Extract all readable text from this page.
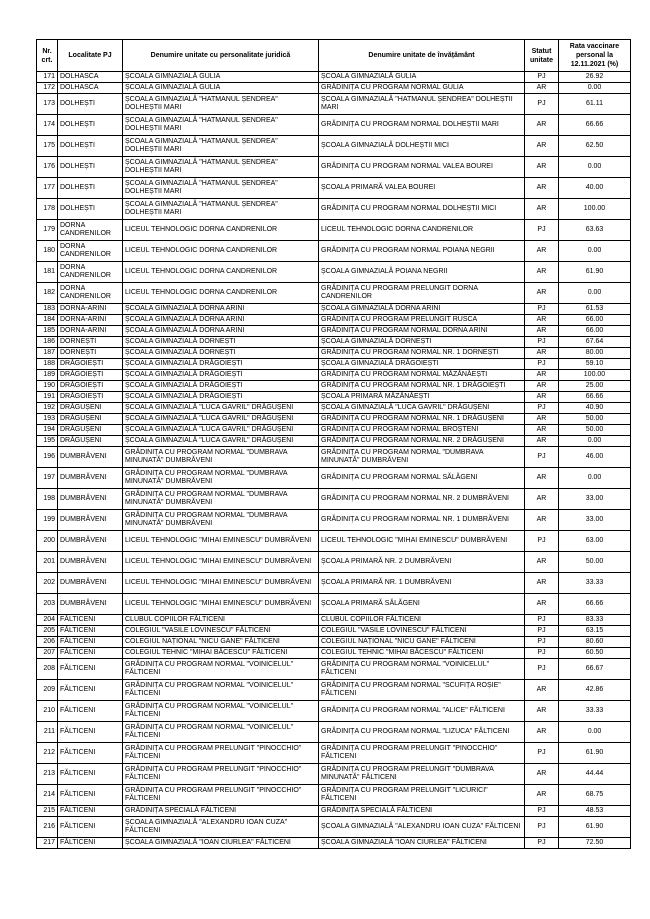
Nr. crt.	Localitate PJ	Denumire unitate cu personalitate juridică	Denumire unitate de învățământ	Statut unitate	Rata vaccinare personal la 12.11.2021 (%)
171	DOLHASCA	ȘCOALA GIMNAZIALĂ GULIA	ȘCOALA GIMNAZIALĂ GULIA	PJ	26.92
172	DOLHASCA	ȘCOALA GIMNAZIALĂ GULIA	GRĂDINIȚA CU PROGRAM NORMAL GULIA	AR	0.00
173	DOLHEȘTI	ȘCOALA GIMNAZIALĂ "HATMANUL ȘENDREA" DOLHEȘTII MARI	ȘCOALA GIMNAZIALĂ "HATMANUL ȘENDREA" DOLHEȘTII MARI	PJ	61.11
174	DOLHEȘTI	ȘCOALA GIMNAZIALĂ "HATMANUL ȘENDREA" DOLHEȘTII MARI	GRĂDINIȚA CU PROGRAM NORMAL DOLHEȘTII MARI	AR	66.66
175	DOLHEȘTI	ȘCOALA GIMNAZIALĂ "HATMANUL ȘENDREA" DOLHEȘTII MARI	ȘCOALA GIMNAZIALĂ DOLHEȘTII MICI	AR	62.50
176	DOLHEȘTI	ȘCOALA GIMNAZIALĂ "HATMANUL ȘENDREA" DOLHEȘTII MARI	GRĂDINIȚA CU PROGRAM NORMAL VALEA BOUREI	AR	0.00
177	DOLHEȘTI	ȘCOALA GIMNAZIALĂ "HATMANUL ȘENDREA" DOLHEȘTII MARI	ȘCOALA PRIMARĂ VALEA BOUREI	AR	40.00
178	DOLHEȘTI	ȘCOALA GIMNAZIALĂ "HATMANUL ȘENDREA" DOLHEȘTII MARI	GRĂDINIȚA CU PROGRAM NORMAL DOLHEȘTII MICI	AR	100.00
179	DORNA CANDRENILOR	LICEUL TEHNOLOGIC DORNA CANDRENILOR	LICEUL TEHNOLOGIC DORNA CANDRENILOR	PJ	63.63
180	DORNA CANDRENILOR	LICEUL TEHNOLOGIC DORNA CANDRENILOR	GRĂDINIȚA CU PROGRAM NORMAL POIANA NEGRII	AR	0.00
181	DORNA CANDRENILOR	LICEUL TEHNOLOGIC DORNA CANDRENILOR	ȘCOALA GIMNAZIALĂ POIANA NEGRII	AR	61.90
182	DORNA CANDRENILOR	LICEUL TEHNOLOGIC DORNA CANDRENILOR	GRĂDINIȚA CU PROGRAM PRELUNGIT DORNA CANDRENILOR	AR	0.00
183	DORNA-ARINI	ȘCOALA GIMNAZIALĂ DORNA ARINI	ȘCOALA GIMNAZIALĂ DORNA ARINI	PJ	61.53
184	DORNA-ARINI	ȘCOALA GIMNAZIALĂ DORNA ARINI	GRĂDINIȚA CU PROGRAM PRELUNGIT RUSCA	AR	66.00
185	DORNA-ARINI	ȘCOALA GIMNAZIALĂ DORNA ARINI	GRĂDINIȚA CU PROGRAM NORMAL DORNA ARINI	AR	66.00
186	DORNEȘTI	ȘCOALA GIMNAZIALĂ DORNEȘTI	ȘCOALA GIMNAZIALĂ DORNEȘTI	PJ	67.64
187	DORNEȘTI	ȘCOALA GIMNAZIALĂ DORNEȘTI	GRĂDINIȚA CU PROGRAM NORMAL NR. 1 DORNEȘTI	AR	80.00
188	DRĂGOIEȘTI	ȘCOALA GIMNAZIALĂ DRĂGOIEȘTI	ȘCOALA GIMNAZIALĂ DRĂGOIEȘTI	PJ	59.10
189	DRĂGOIEȘTI	ȘCOALA GIMNAZIALĂ DRĂGOIEȘTI	GRĂDINIȚA CU PROGRAM NORMAL MĂZĂNĂEȘTI	AR	100.00
190	DRĂGOIEȘTI	ȘCOALA GIMNAZIALĂ DRĂGOIEȘTI	GRĂDINIȚA CU PROGRAM NORMAL NR. 1 DRĂGOIEȘTI	AR	25.00
191	DRĂGOIEȘTI	ȘCOALA GIMNAZIALĂ DRĂGOIEȘTI	ȘCOALA PRIMARĂ MĂZĂNĂEȘTI	AR	66.66
192	DRĂGUȘENI	ȘCOALA GIMNAZIALĂ "LUCA GAVRIL" DRĂGUȘENI	ȘCOALA GIMNAZIALĂ "LUCA GAVRIL" DRĂGUȘENI	PJ	40.90
193	DRĂGUȘENI	ȘCOALA GIMNAZIALĂ "LUCA GAVRIL" DRĂGUȘENI	GRĂDINIȚA CU PROGRAM NORMAL NR. 1 DRĂGUȘENI	AR	50.00
194	DRĂGUȘENI	ȘCOALA GIMNAZIALĂ "LUCA GAVRIL" DRĂGUȘENI	GRĂDINIȚA CU PROGRAM NORMAL BROȘTENI	AR	50.00
195	DRĂGUȘENI	ȘCOALA GIMNAZIALĂ "LUCA GAVRIL" DRĂGUȘENI	GRĂDINIȚA CU PROGRAM NORMAL NR. 2 DRĂGUȘENI	AR	0.00
196	DUMBRĂVENI	GRĂDINIȚA CU PROGRAM NORMAL "DUMBRAVA MINUNATĂ" DUMBRĂVENI	GRĂDINIȚA CU PROGRAM NORMAL "DUMBRAVA MINUNATĂ" DUMBRĂVENI	PJ	46.00
197	DUMBRĂVENI	GRĂDINIȚA CU PROGRAM NORMAL "DUMBRAVA MINUNATĂ" DUMBRĂVENI	GRĂDINIȚA CU PROGRAM NORMAL SĂLĂGENI	AR	0.00
198	DUMBRĂVENI	GRĂDINIȚA CU PROGRAM NORMAL "DUMBRAVA MINUNATĂ" DUMBRĂVENI	GRĂDINIȚA CU PROGRAM NORMAL NR. 2 DUMBRĂVENI	AR	33.00
199	DUMBRĂVENI	GRĂDINIȚA CU PROGRAM NORMAL "DUMBRAVA MINUNATĂ" DUMBRĂVENI	GRĂDINIȚA CU PROGRAM NORMAL NR. 1 DUMBRĂVENI	AR	33.00
200	DUMBRĂVENI	LICEUL TEHNOLOGIC "MIHAI EMINESCU" DUMBRĂVENI	LICEUL TEHNOLOGIC "MIHAI EMINESCU" DUMBRĂVENI	PJ	63.00
201	DUMBRĂVENI	LICEUL TEHNOLOGIC "MIHAI EMINESCU" DUMBRĂVENI	ȘCOALA PRIMARĂ NR. 2 DUMBRĂVENI	AR	50.00
202	DUMBRĂVENI	LICEUL TEHNOLOGIC "MIHAI EMINESCU" DUMBRĂVENI	ȘCOALA PRIMARĂ NR. 1 DUMBRĂVENI	AR	33.33
203	DUMBRĂVENI	LICEUL TEHNOLOGIC "MIHAI EMINESCU" DUMBRĂVENI	ȘCOALA PRIMARĂ SĂLĂGENI	AR	66.66
204	FĂLTICENI	CLUBUL COPIILOR FĂLTICENI	CLUBUL COPIILOR FĂLTICENI	PJ	83.33
205	FĂLTICENI	COLEGIUL "VASILE LOVINESCU" FĂLTICENI	COLEGIUL "VASILE LOVINESCU" FĂLTICENI	PJ	63.15
206	FĂLTICENI	COLEGIUL NAȚIONAL "NICU GANE" FĂLTICENI	COLEGIUL NAȚIONAL "NICU GANE" FĂLTICENI	PJ	80.60
207	FĂLTICENI	COLEGIUL TEHNIC "MIHAI BĂCESCU" FĂLTICENI	COLEGIUL TEHNIC "MIHAI BĂCESCU" FĂLTICENI	PJ	60.50
208	FĂLTICENI	GRĂDINIȚA CU PROGRAM NORMAL "VOINICELUL" FĂLTICENI	GRĂDINIȚA CU PROGRAM NORMAL "VOINICELUL" FĂLTICENI	PJ	66.67
209	FĂLTICENI	GRĂDINIȚA CU PROGRAM NORMAL "VOINICELUL" FĂLTICENI	GRĂDINIȚA CU PROGRAM NORMAL "SCUFIȚA ROȘIE" FĂLTICENI	AR	42.86
210	FĂLTICENI	GRĂDINIȚA CU PROGRAM NORMAL "VOINICELUL" FĂLTICENI	GRĂDINIȚA CU PROGRAM NORMAL "ALICE" FĂLTICENI	AR	33.33
211	FĂLTICENI	GRĂDINIȚA CU PROGRAM NORMAL "VOINICELUL" FĂLTICENI	GRĂDINIȚA CU PROGRAM NORMAL "LIZUCA" FĂLTICENI	AR	0.00
212	FĂLTICENI	GRĂDINIȚA CU PROGRAM PRELUNGIT "PINOCCHIO" FĂLTICENI	GRĂDINIȚA CU PROGRAM PRELUNGIT "PINOCCHIO" FĂLTICENI	PJ	61.90
213	FĂLTICENI	GRĂDINIȚA CU PROGRAM PRELUNGIT "PINOCCHIO" FĂLTICENI	GRĂDINIȚA CU PROGRAM PRELUNGIT "DUMBRAVA MINUNATĂ" FĂLTICENI	AR	44.44
214	FĂLTICENI	GRĂDINIȚA CU PROGRAM PRELUNGIT "PINOCCHIO" FĂLTICENI	GRĂDINIȚA CU PROGRAM PRELUNGIT "LICURICI" FĂLTICENI	AR	68.75
215	FĂLTICENI	GRĂDINIȚA SPECIALĂ FĂLTICENI	GRĂDINIȚA SPECIALĂ FĂLTICENI	PJ	48.53
216	FĂLTICENI	ȘCOALA GIMNAZIALĂ "ALEXANDRU IOAN CUZA" FĂLTICENI	ȘCOALA GIMNAZIALĂ "ALEXANDRU IOAN CUZA" FĂLTICENI	PJ	61.90
217	FĂLTICENI	ȘCOALA GIMNAZIALĂ "IOAN CIURLEA" FĂLTICENI	ȘCOALA GIMNAZIALĂ "IOAN CIURLEA" FĂLTICENI	PJ	72.50
